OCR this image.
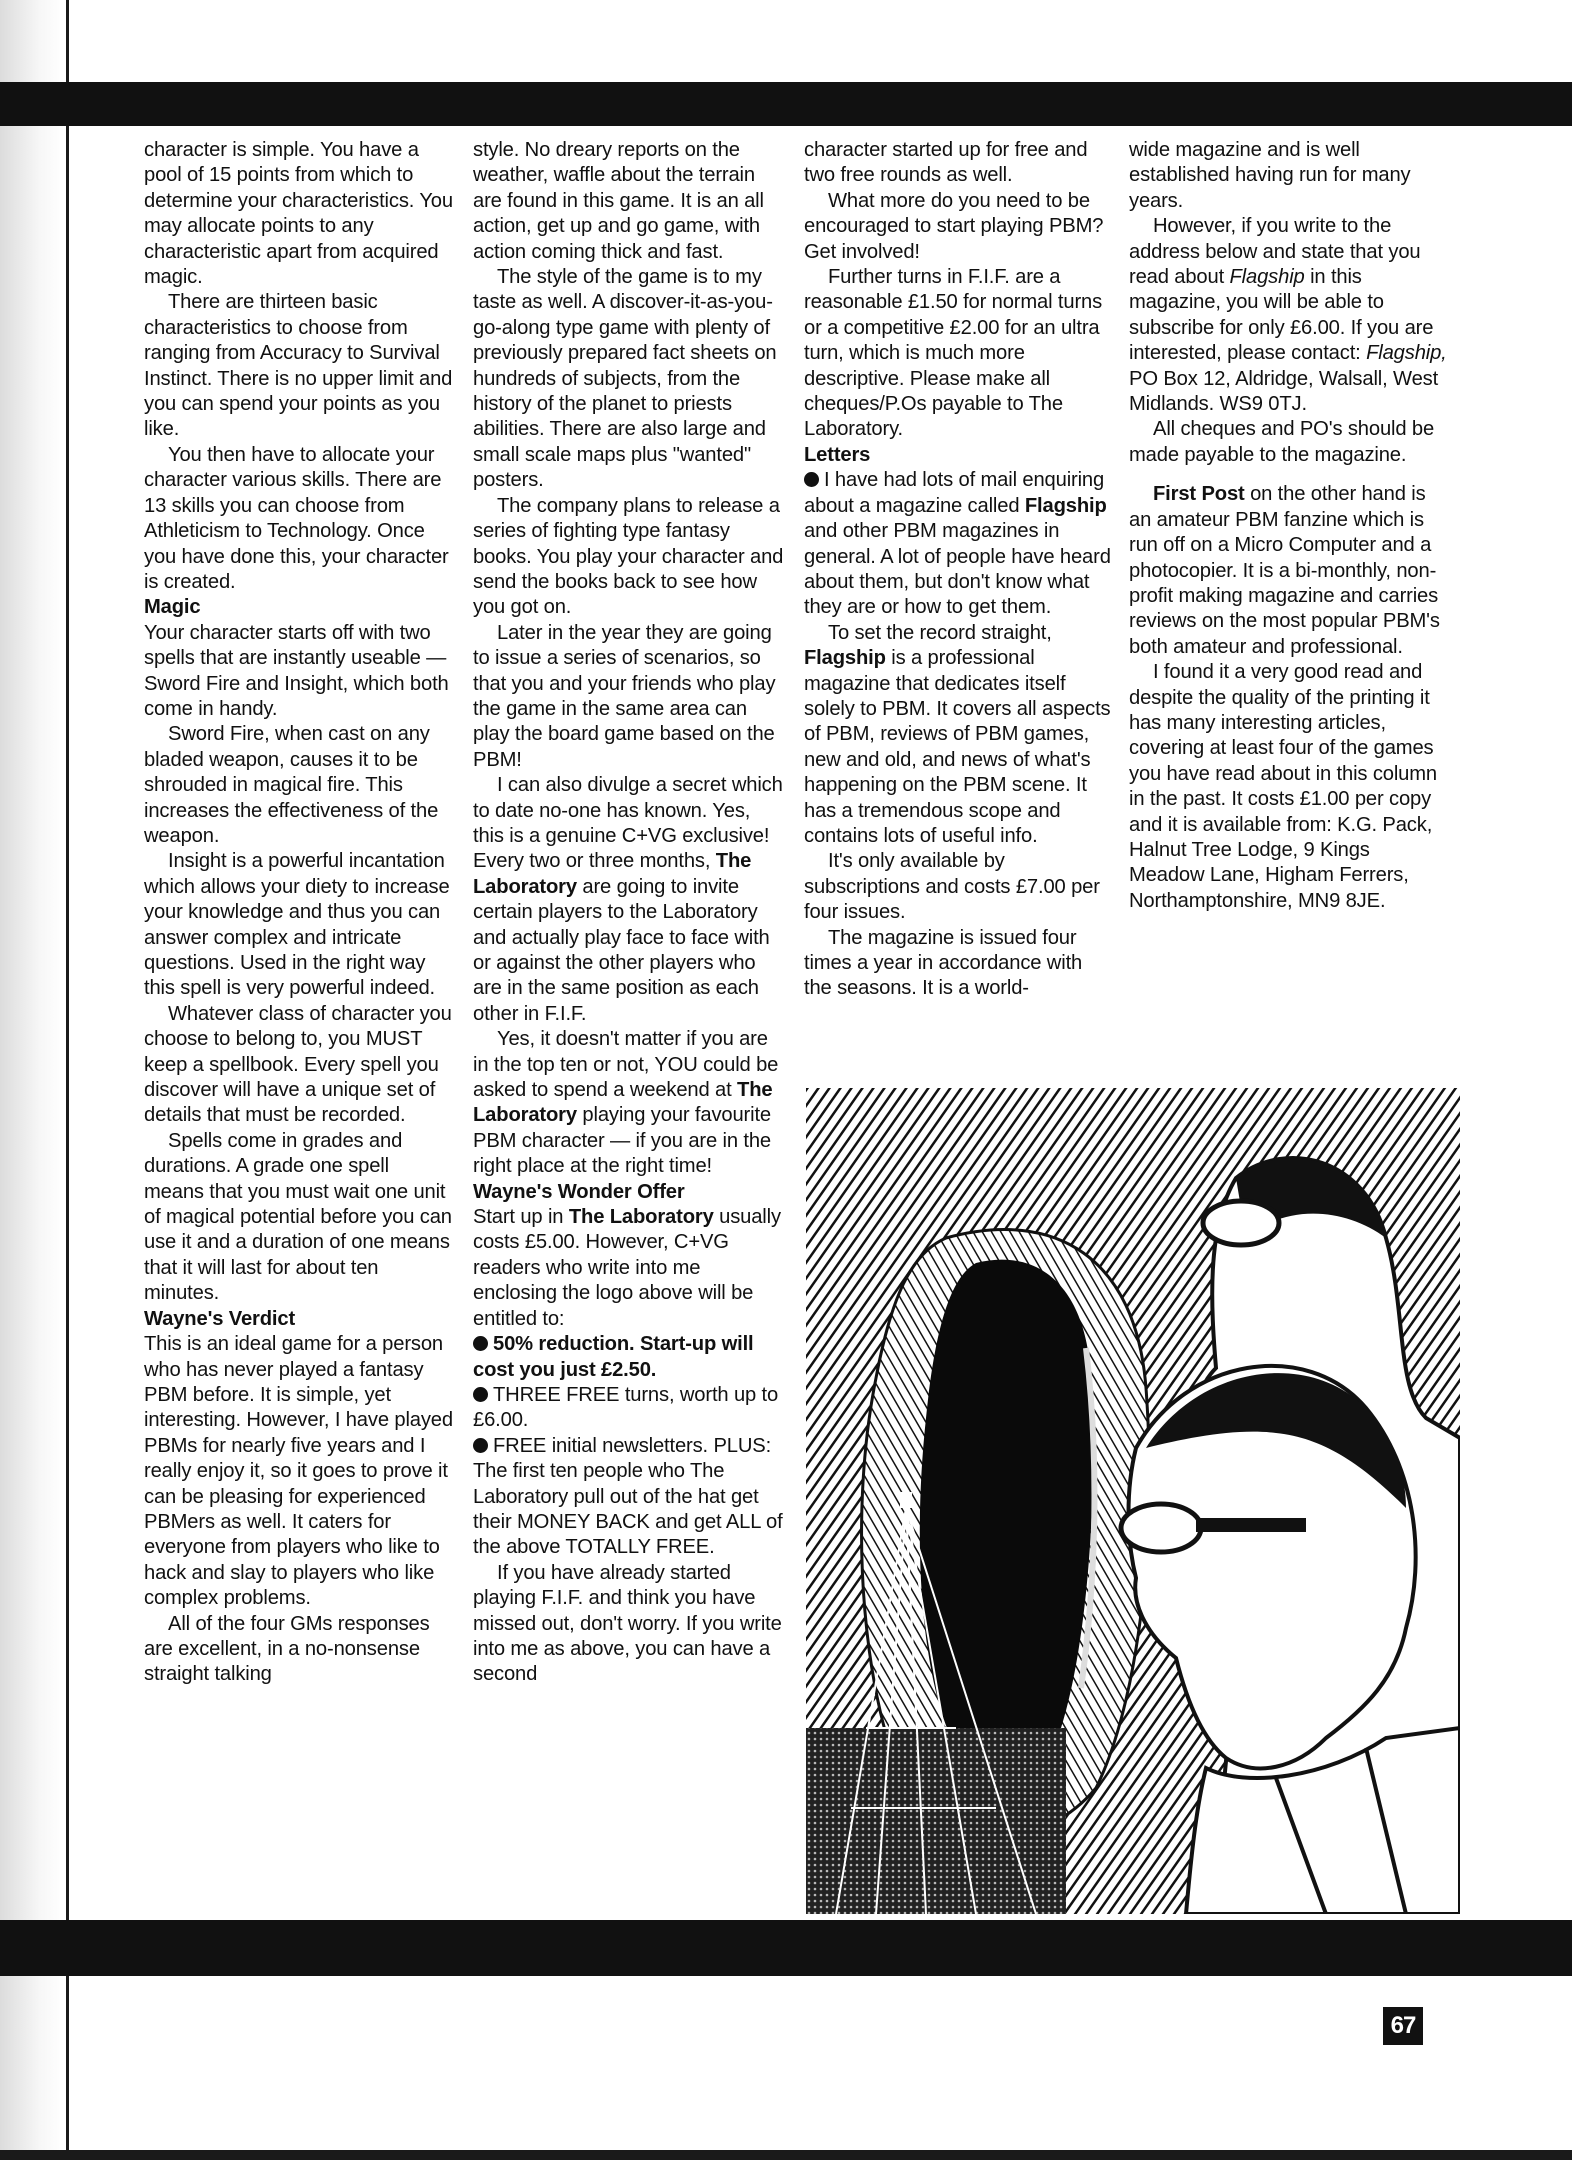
character is simple. You have a pool of 15 points from which to determine your characteristics. You may allocate points to any characteristic apart from acquired magic.

There are thirteen basic characteristics to choose from ranging from Accuracy to Survival Instinct. There is no upper limit and you can spend your points as you like.

You then have to allocate your character various skills. There are 13 skills you can choose from Athleticism to Technology. Once you have done this, your character is created.

Magic

Your character starts off with two spells that are instantly useable — Sword Fire and Insight, which both come in handy.

Sword Fire, when cast on any bladed weapon, causes it to be shrouded in magical fire. This increases the effectiveness of the weapon.

Insight is a powerful incantation which allows your diety to increase your knowledge and thus you can answer complex and intricate questions. Used in the right way this spell is very powerful indeed.

Whatever class of character you choose to belong to, you MUST keep a spellbook. Every spell you discover will have a unique set of details that must be recorded.

Spells come in grades and durations. A grade one spell means that you must wait one unit of magical potential before you can use it and a duration of one means that it will last for about ten minutes.

Wayne's Verdict

This is an ideal game for a person who has never played a fantasy PBM before. It is simple, yet interesting. However, I have played PBMs for nearly five years and I really enjoy it, so it goes to prove it can be pleasing for experienced PBMers as well. It caters for everyone from players who like to hack and slay to players who like complex problems.

All of the four GMs responses are excellent, in a no-nonsense straight talking

style. No dreary reports on the weather, waffle about the terrain are found in this game. It is an all action, get up and go game, with action coming thick and fast.

The style of the game is to my taste as well. A discover-it-as-you-go-along type game with plenty of previously prepared fact sheets on hundreds of subjects, from the history of the planet to priests abilities. There are also large and small scale maps plus "wanted" posters.

The company plans to release a series of fighting type fantasy books. You play your character and send the books back to see how you got on.

Later in the year they are going to issue a series of scenarios, so that you and your friends who play the game in the same area can play the board game based on the PBM!

I can also divulge a secret which to date no-one has known. Yes, this is a genuine C+VG exclusive! Every two or three months, The Laboratory are going to invite certain players to the Laboratory and actually play face to face with or against the other players who are in the same position as each other in F.I.F.

Yes, it doesn't matter if you are in the top ten or not, YOU could be asked to spend a weekend at The Laboratory playing your favourite PBM character — if you are in the right place at the right time!

Wayne's Wonder Offer

Start up in The Laboratory usually costs £5.00. However, C+VG readers who write into me enclosing the logo above will be entitled to:

50% reduction. Start-up will cost you just £2.50.

THREE FREE turns, worth up to £6.00.

FREE initial newsletters. PLUS: The first ten people who The Laboratory pull out of the hat get their MONEY BACK and get ALL of the above TOTALLY FREE.

If you have already started playing F.I.F. and think you have missed out, don't worry. If you write into me as above, you can have a second

character started up for free and two free rounds as well.

What more do you need to be encouraged to start playing PBM? Get involved!

Further turns in F.I.F. are a reasonable £1.50 for normal turns or a competitive £2.00 for an ultra turn, which is much more descriptive. Please make all cheques/P.Os payable to The Laboratory.

Letters

I have had lots of mail enquiring about a magazine called Flagship and other PBM magazines in general. A lot of people have heard about them, but don't know what they are or how to get them.

To set the record straight, Flagship is a professional magazine that dedicates itself solely to PBM. It covers all aspects of PBM, reviews of PBM games, new and old, and news of what's happening on the PBM scene. It has a tremendous scope and contains lots of useful info.

It's only available by subscriptions and costs £7.00 per four issues.

The magazine is issued four times a year in accordance with the seasons. It is a world-

wide magazine and is well established having run for many years.

However, if you write to the address below and state that you read about Flagship in this magazine, you will be able to subscribe for only £6.00. If you are interested, please contact: Flagship, PO Box 12, Aldridge, Walsall, West Midlands. WS9 0TJ.

All cheques and PO's should be made payable to the magazine.

First Post on the other hand is an amateur PBM fanzine which is run off on a Micro Computer and a photocopier. It is a bi-monthly, non-profit making magazine and carries reviews on the most popular PBM's both amateur and professional.

I found it a very good read and despite the quality of the printing it has many interesting articles, covering at least four of the games you have read about in this column in the past. It costs £1.00 per copy and it is available from: K.G. Pack, Halnut Tree Lodge, 9 Kings Meadow Lane, Higham Ferrers, Northamptonshire, MN9 8JE.

67
